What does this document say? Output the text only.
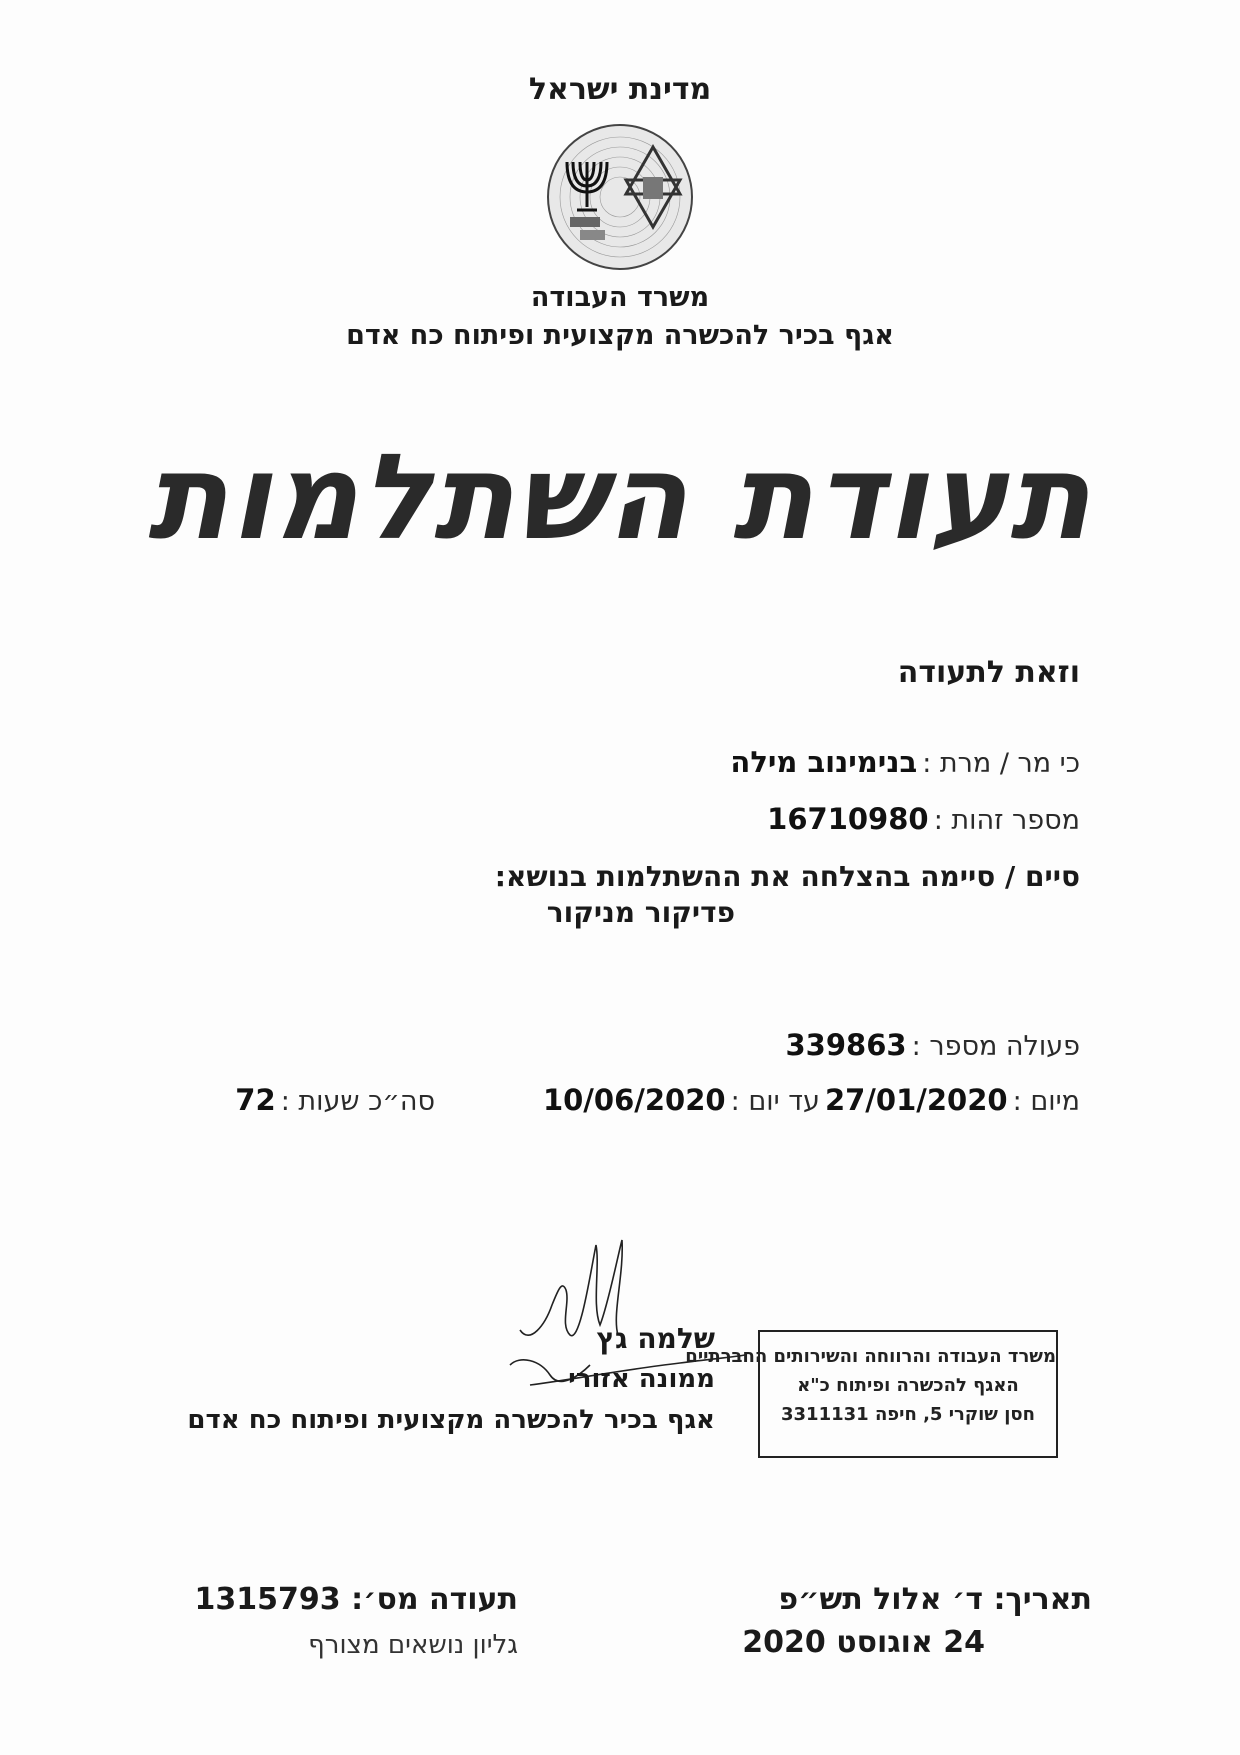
מדינת ישראל
משרד העבודה
אגף בכיר להכשרה מקצועית ופיתוח כח אדם
תעודת השתלמות
וזאת לתעודה
כי מר / מרת : בנימינוב מילה
מספר זהות : 16710980
סיים / סיימה בהצלחה את ההשתלמות בנושא:
פדיקור מניקור
פעולה מספר : 339863
מיום : 27/01/2020 עד יום : 10/06/2020
סה״כ שעות : 72
שלמה גץ
ממונה אזורי
אגף בכיר להכשרה מקצועית ופיתוח כח אדם
משרד העבודה והרווחה והשירותים החברתיים
האגף להכשרה ופיתוח כ"א
חסן שוקרי 5, חיפה 3311131
תאריך: ד׳ אלול תש״פ
24 אוגוסט 2020
תעודה מס׳: 1315793
גליון נושאים מצורף
